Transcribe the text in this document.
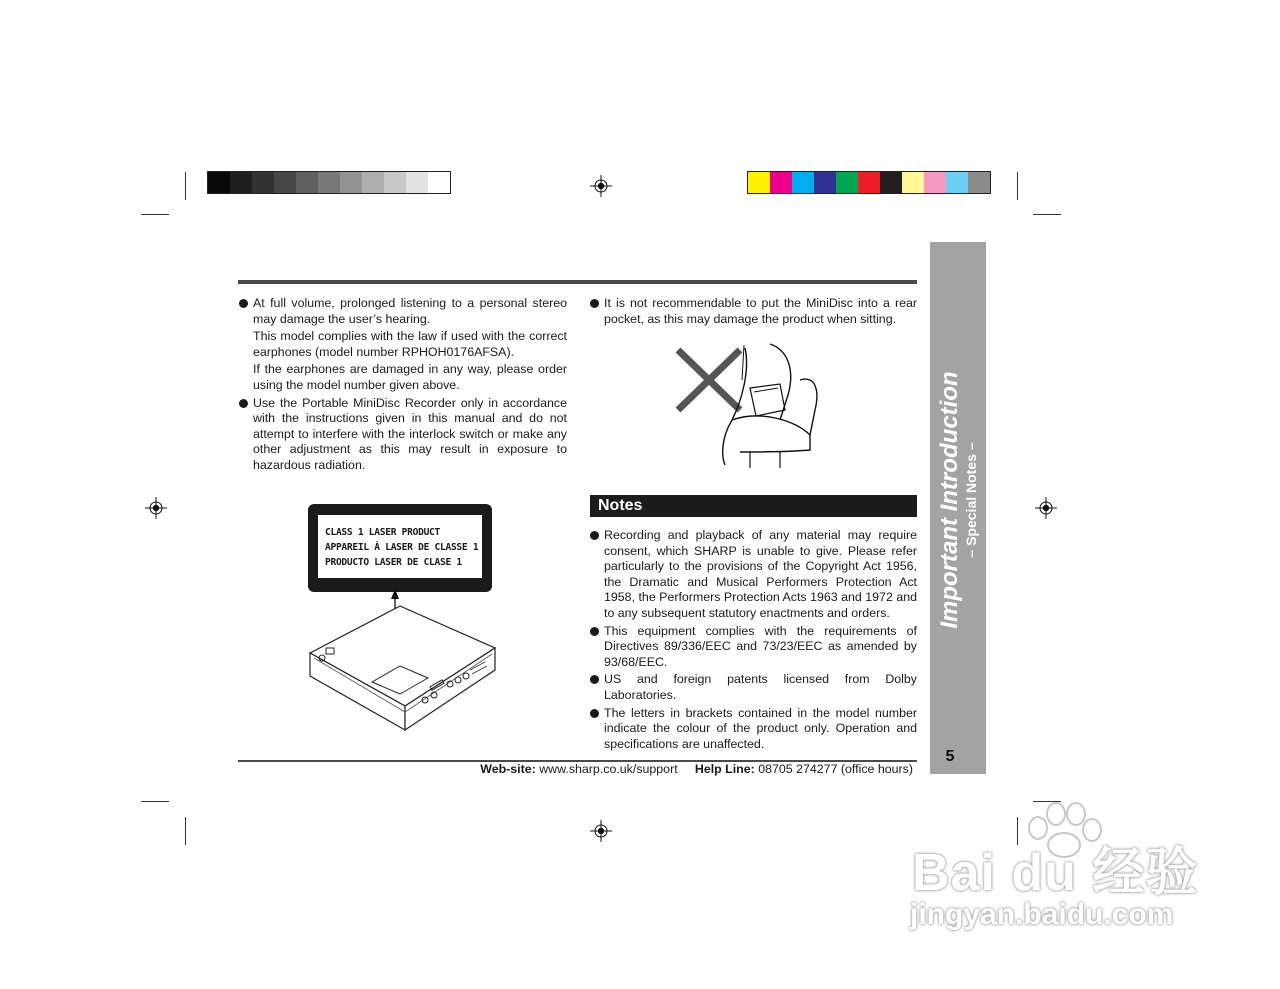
At full volume, prolonged listening to a personal stereo may damage the user’s hearing.
This model complies with the law if used with the correct earphones (model number RPHOH0176AFSA).
If the earphones are damaged in any way, please order using the model number given above.
Use the Portable MiniDisc Recorder only in accordance with the instructions given in this manual and do not attempt to interfere with the interlock switch or make any other adjustment as this may result in exposure to hazardous radiation.
CLASS 1 LASER PRODUCT
APPAREIL À LASER DE CLASSE 1
PRODUCTO LASER DE CLASE 1
It is not recommendable to put the MiniDisc into a rear pocket, as this may damage the product when sitting.
Notes
Recording and playback of any material may require consent, which SHARP is unable to give. Please refer particularly to the provisions of the Copyright Act 1956, the Dramatic and Musical Performers Protection Act 1958, the Performers Protection Acts 1963 and 1972 and to any subsequent statutory enactments and orders.
This equipment complies with the requirements of Directives 89/336/EEC and 73/23/EEC as amended by 93/68/EEC.
US and foreign patents licensed from Dolby Laboratories.
The letters in brackets contained in the model number indicate the colour of the product only. Operation and specifications are unaffected.
Important Introduction – Special Notes –
5
Web-site: www.sharp.co.uk/support Help Line: 08705 274277 (office hours)
Bai du 经验
jingyan.baidu.com
